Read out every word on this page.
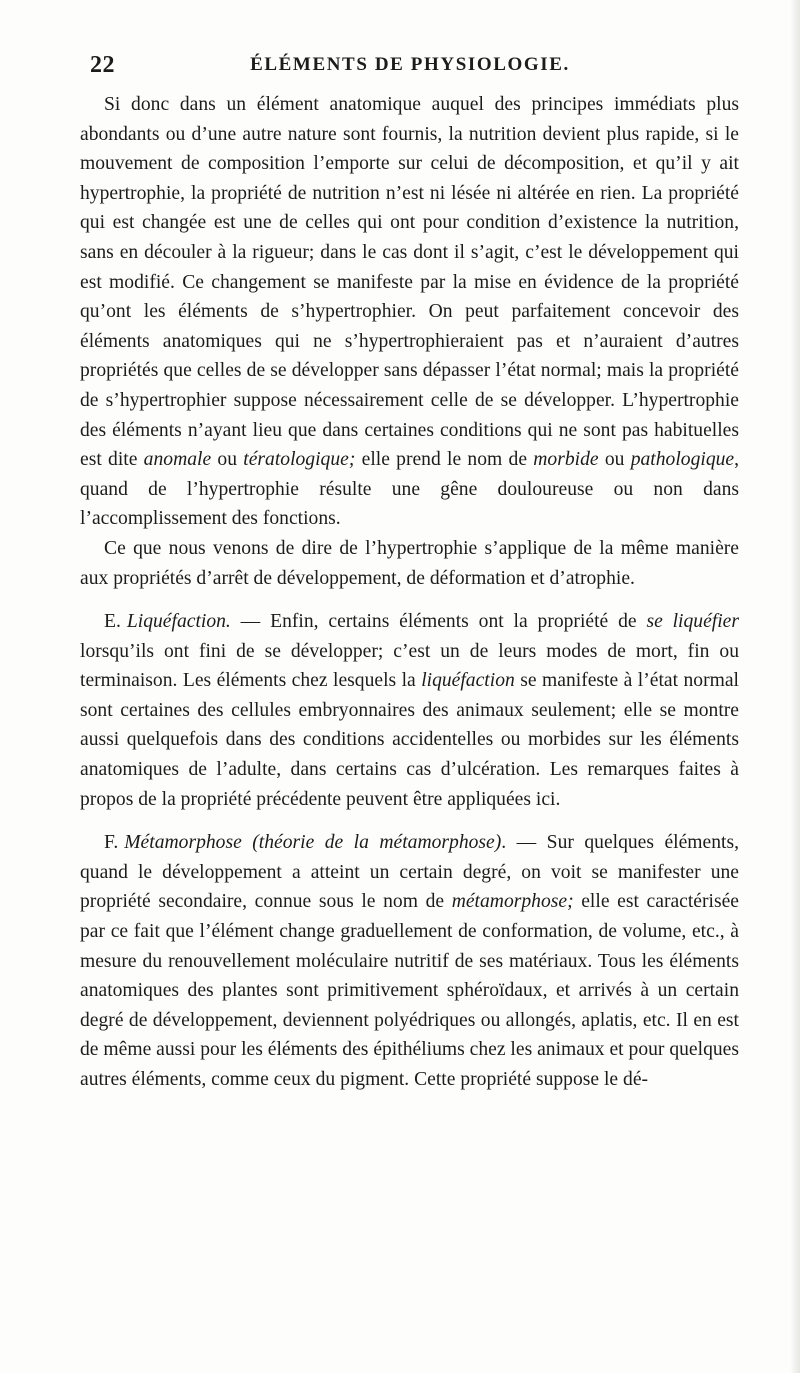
22	ÉLÉMENTS DE PHYSIOLOGIE.

Si donc dans un élément anatomique auquel des principes immédiats plus abondants ou d’une autre nature sont fournis, la nutrition devient plus rapide, si le mouvement de composition l’emporte sur celui de décomposition, et qu’il y ait hypertrophie, la propriété de nutrition n’est ni lésée ni altérée en rien. La propriété qui est changée est une de celles qui ont pour condition d’existence la nutrition, sans en découler à la rigueur; dans le cas dont il s’agit, c’est le développement qui est modifié. Ce changement se manifeste par la mise en évidence de la propriété qu’ont les éléments de s’hypertrophier. On peut parfaitement concevoir des éléments anatomiques qui ne s’hypertrophieraient pas et n’auraient d’autres propriétés que celles de se développer sans dépasser l’état normal; mais la propriété de s’hypertrophier suppose nécessairement celle de se développer. L’hypertrophie des éléments n’ayant lieu que dans certaines conditions qui ne sont pas habituelles est dite anomale ou tératologique; elle prend le nom de morbide ou pathologique, quand de l’hypertrophie résulte une gêne douloureuse ou non dans l’accomplissement des fonctions.

Ce que nous venons de dire de l’hypertrophie s’applique de la même manière aux propriétés d’arrêt de développement, de déformation et d’atrophie.

E. Liquéfaction. — Enfin, certains éléments ont la propriété de se liquéfier lorsqu’ils ont fini de se développer; c’est un de leurs modes de mort, fin ou terminaison. Les éléments chez lesquels la liquéfaction se manifeste à l’état normal sont certaines des cellules embryonnaires des animaux seulement; elle se montre aussi quelquefois dans des conditions accidentelles ou morbides sur les éléments anatomiques de l’adulte, dans certains cas d’ulcération. Les remarques faites à propos de la propriété précédente peuvent être appliquées ici.

F. Métamorphose (théorie de la métamorphose). — Sur quelques éléments, quand le développement a atteint un certain degré, on voit se manifester une propriété secondaire, connue sous le nom de métamorphose; elle est caractérisée par ce fait que l’élément change graduellement de conformation, de volume, etc., à mesure du renouvellement moléculaire nutritif de ses matériaux. Tous les éléments anatomiques des plantes sont primitivement sphéroïdaux, et arrivés à un certain degré de développement, deviennent polyédriques ou allongés, aplatis, etc. Il en est de même aussi pour les éléments des épithéliums chez les animaux et pour quelques autres éléments, comme ceux du pigment. Cette propriété suppose le dé-
